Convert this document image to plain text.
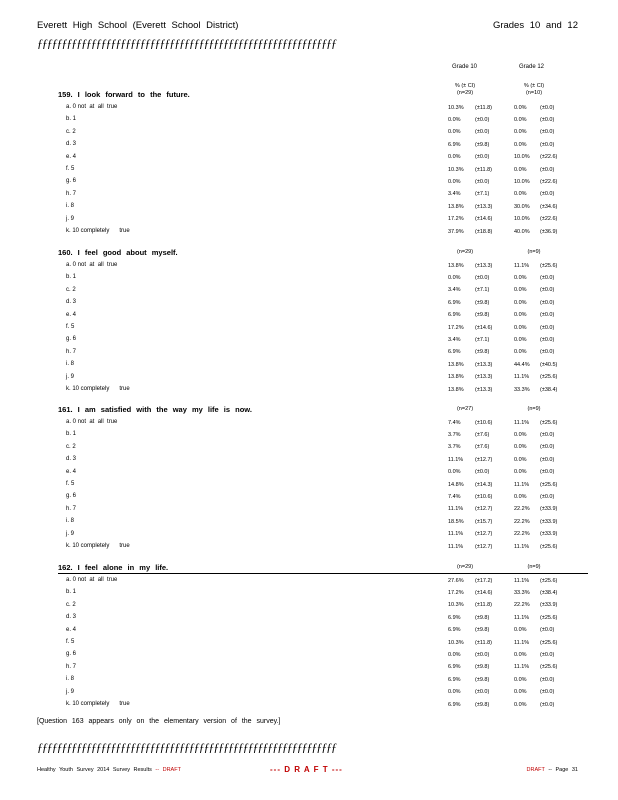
Everett High School (Everett School District)	Grades 10 and 12
ƒƒƒƒƒƒƒƒƒƒƒƒƒƒƒƒƒƒƒƒƒƒƒƒƒƒƒƒƒƒƒƒƒƒƒƒƒƒƒƒƒƒƒƒƒƒƒƒƒƒƒƒƒƒƒƒƒƒƒƒƒ
Grade 10	Grade 12
% (± CI)
(n=29)
% (± CI)
(n=10)
159. I look forward to the future.
a. 0 not  at  all  true	10.3% (±11.8)	0.0% (±0.0)
b. 1	0.0%	(±0.0)	0.0% (±0.0)
c. 2	0.0%	(±0.0)	0.0% (±0.0)
d. 3	6.9%	(±9.8)	0.0% (±0.0)
e. 4	0.0%	(±0.0)	10.0% (±22.6)
f. 5	10.3% (±11.8)	0.0% (±0.0)
g. 6	0.0%	(±0.0)	10.0% (±22.6)
h. 7	3.4%	(±7.1)	0.0% (±0.0)
i. 8	13.8% (±13.3)	30.0% (±34.6)
j. 9	17.2% (±14.6)	10.0% (±22.6)
k. 10 completely      true	37.9% (±18.8)	40.0% (±36.9)
160. I feel good about myself.	(n=29)	(n=9)
a. 0 not  at  all  true	13.8% (±13.3)	11.1% (±25.6)
b. 1	0.0%	(±0.0)	0.0% (±0.0)
c. 2	3.4%	(±7.1)	0.0% (±0.0)
d. 3	6.9%	(±9.8)	0.0% (±0.0)
e. 4	6.9%	(±9.8)	0.0% (±0.0)
f. 5	17.2% (±14.6)	0.0% (±0.0)
g. 6	3.4%	(±7.1)	0.0% (±0.0)
h. 7	6.9%	(±9.8)	0.0% (±0.0)
i. 8	13.8% (±13.3)	44.4% (±40.5)
j. 9	13.8% (±13.3)	11.1% (±25.6)
k. 10 completely      true	13.8% (±13.3)	33.3% (±38.4)
161. I am satisfied with the way my life is now.	(n=27)	(n=9)
a. 0 not  at  all  true	7.4%	(±10.6)	11.1% (±25.6)
b. 1	3.7%	(±7.6)	0.0% (±0.0)
c. 2	3.7%	(±7.6)	0.0% (±0.0)
d. 3	11.1% (±12.7)	0.0% (±0.0)
e. 4	0.0%	(±0.0)	0.0% (±0.0)
f. 5	14.8% (±14.3)	11.1% (±25.6)
g. 6	7.4%	(±10.6)	0.0% (±0.0)
h. 7	11.1% (±12.7)	22.2% (±33.9)
i. 8	18.5% (±15.7)	22.2% (±33.9)
j. 9	11.1% (±12.7)	22.2% (±33.9)
k. 10 completely      true	11.1% (±12.7)	11.1% (±25.6)
162. I feel alone in my life.	(n=29)	(n=9)
a. 0 not  at  all  true	27.6% (±17.2)	11.1% (±25.6)
b. 1	17.2% (±14.6)	33.3% (±38.4)
c. 2	10.3% (±11.8)	22.2% (±33.9)
d. 3	6.9%	(±9.8)	11.1% (±25.6)
e. 4	6.9%	(±9.8)	0.0% (±0.0)
f. 5	10.3% (±11.8)	11.1% (±25.6)
g. 6	0.0%	(±0.0)	0.0% (±0.0)
h. 7	6.9%	(±9.8)	11.1% (±25.6)
i. 8	6.9%	(±9.8)	0.0% (±0.0)
j. 9	0.0%	(±0.0)	0.0% (±0.0)
k. 10 completely      true	6.9%	(±9.8)	0.0% (±0.0)
[Question 163 appears only on the elementary version of the survey.]
ƒƒƒƒƒƒƒƒƒƒƒƒƒƒƒƒƒƒƒƒƒƒƒƒƒƒƒƒƒƒƒƒƒƒƒƒƒƒƒƒƒƒƒƒƒƒƒƒƒƒƒƒƒƒƒƒƒƒƒƒƒ
Healthy Youth Survey 2014 Survey Results -- DRAFT	--- D R A F T ---	DRAFT -- Page 31
